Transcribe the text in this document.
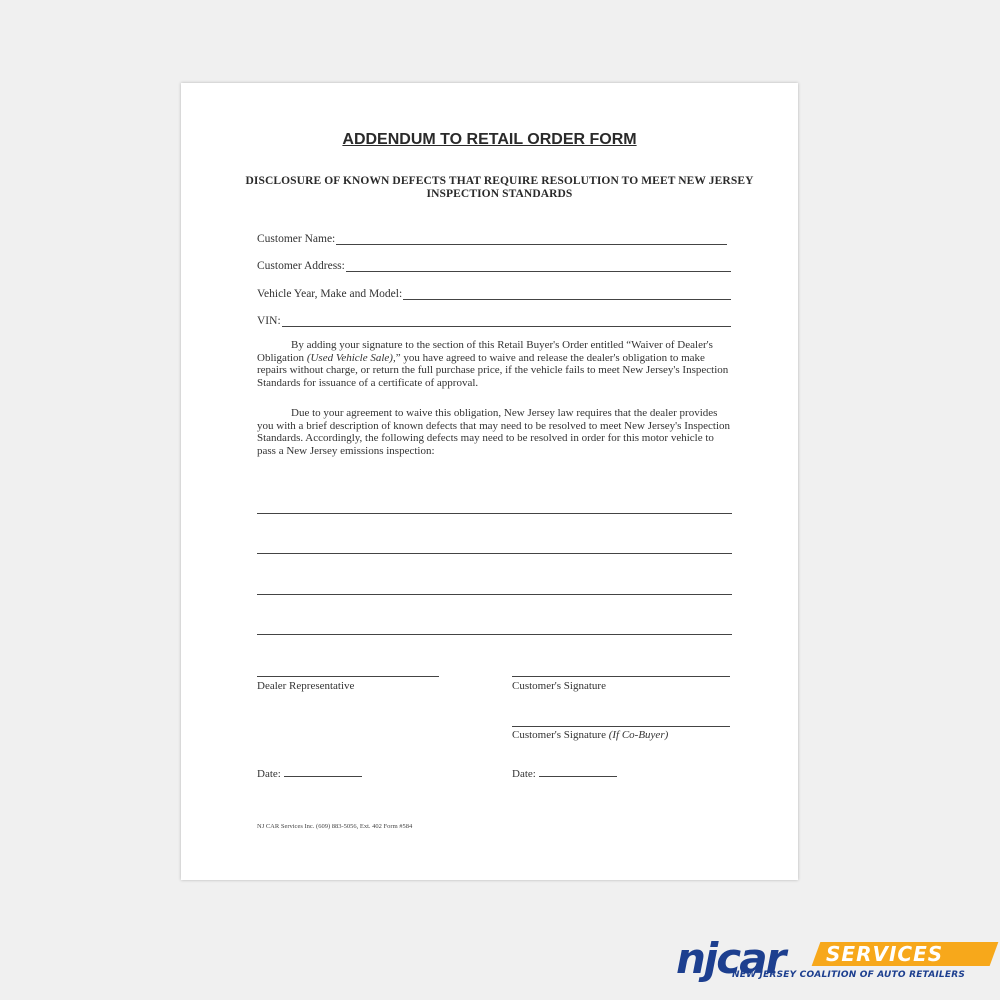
ADDENDUM TO RETAIL ORDER FORM
DISCLOSURE OF KNOWN DEFECTS THAT REQUIRE RESOLUTION TO MEET NEW JERSEY INSPECTION STANDARDS
Customer Name:
Customer Address:
Vehicle Year, Make and Model:
VIN:

By adding your signature to the section of this Retail Buyer's Order entitled “Waiver of Dealer's Obligation (Used Vehicle Sale),” you have agreed to waive and release the dealer's obligation to make repairs without charge, or return the full purchase price, if the vehicle fails to meet New Jersey's Inspection Standards for issuance of a certificate of approval.

Due to your agreement to waive this obligation, New Jersey law requires that the dealer provides you with a brief description of known defects that may need to be resolved to meet New Jersey's Inspection Standards. Accordingly, the following defects may need to be resolved in order for this motor vehicle to pass a New Jersey emissions inspection:

Dealer Representative	Customer's Signature
Customer's Signature (If Co-Buyer)
Date:	Date:
NJ CAR Services Inc. (609) 883-5056, Ext. 402 Form #584
njcar SERVICES
NEW JERSEY COALITION OF AUTO RETAILERS
